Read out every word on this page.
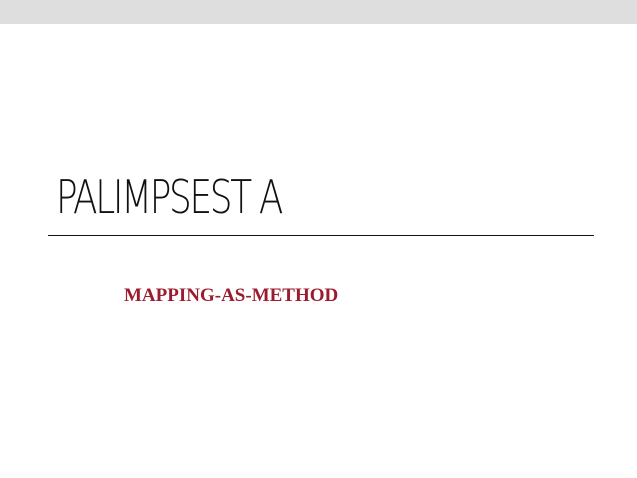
PALIMPSEST A
MAPPING-AS-METHOD
